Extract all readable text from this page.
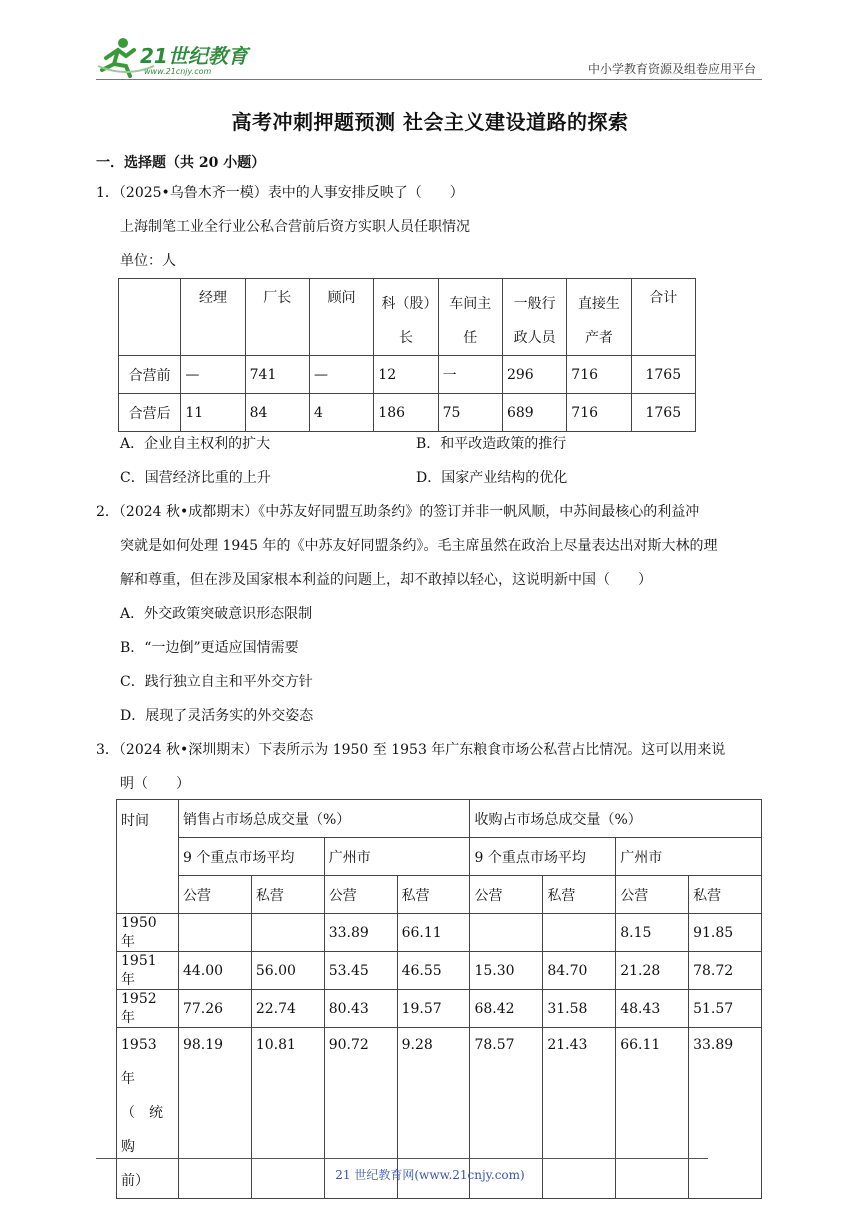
21世纪教育
www.21cnjy.com	中小学教育资源及组卷应用平台
高考冲刺押题预测 社会主义建设道路的探索
一．选择题（共 20 小题）
1．（2025•乌鲁木齐一模）表中的人事安排反映了（　　）
上海制笔工业全行业公私合营前后资方实职人员任职情况
单位：人
	经理	厂长	顾问	科（股）长	车间主任	一般行政人员	直接生产者	合计
合营前	—	741	—	12	一	296	716	1765
合营后	11	84	4	186	75	689	716	1765
A．企业自主权利的扩大	B．和平改造政策的推行
C．国营经济比重的上升	D．国家产业结构的优化
2．（2024 秋•成都期末）《中苏友好同盟互助条约》的签订并非一帆风顺，中苏间最核心的利益冲
突就是如何处理 1945 年的《中苏友好同盟条约》。毛主席虽然在政治上尽量表达出对斯大林的理
解和尊重，但在涉及国家根本利益的问题上，却不敢掉以轻心，这说明新中国（　　）
A．外交政策突破意识形态限制
B．“一边倒”更适应国情需要
C．践行独立自主和平外交方针
D．展现了灵活务实的外交姿态
3．（2024 秋•深圳期末）下表所示为 1950 至 1953 年广东粮食市场公私营占比情况。这可以用来说
明（　　）
时间	销售占市场总成交量（%）				收购占市场总成交量（%）			
	9 个重点市场平均		广州市		9 个重点市场平均		广州市	
	公营	私营	公营	私营	公营	私营	公营	私营
1950 年			33.89	66.11			8.15	91.85
1951 年	44.00	56.00	53.45	46.55	15.30	84.70	21.28	78.72
1952 年	77.26	22.74	80.43	19.57	68.42	31.58	48.43	51.57

1953　年
（　统　购
前）	98.19	10.81	90.72	9.28	78.57	21.43	66.11	33.89
21 世纪教育网(www.21cnjy.com)
